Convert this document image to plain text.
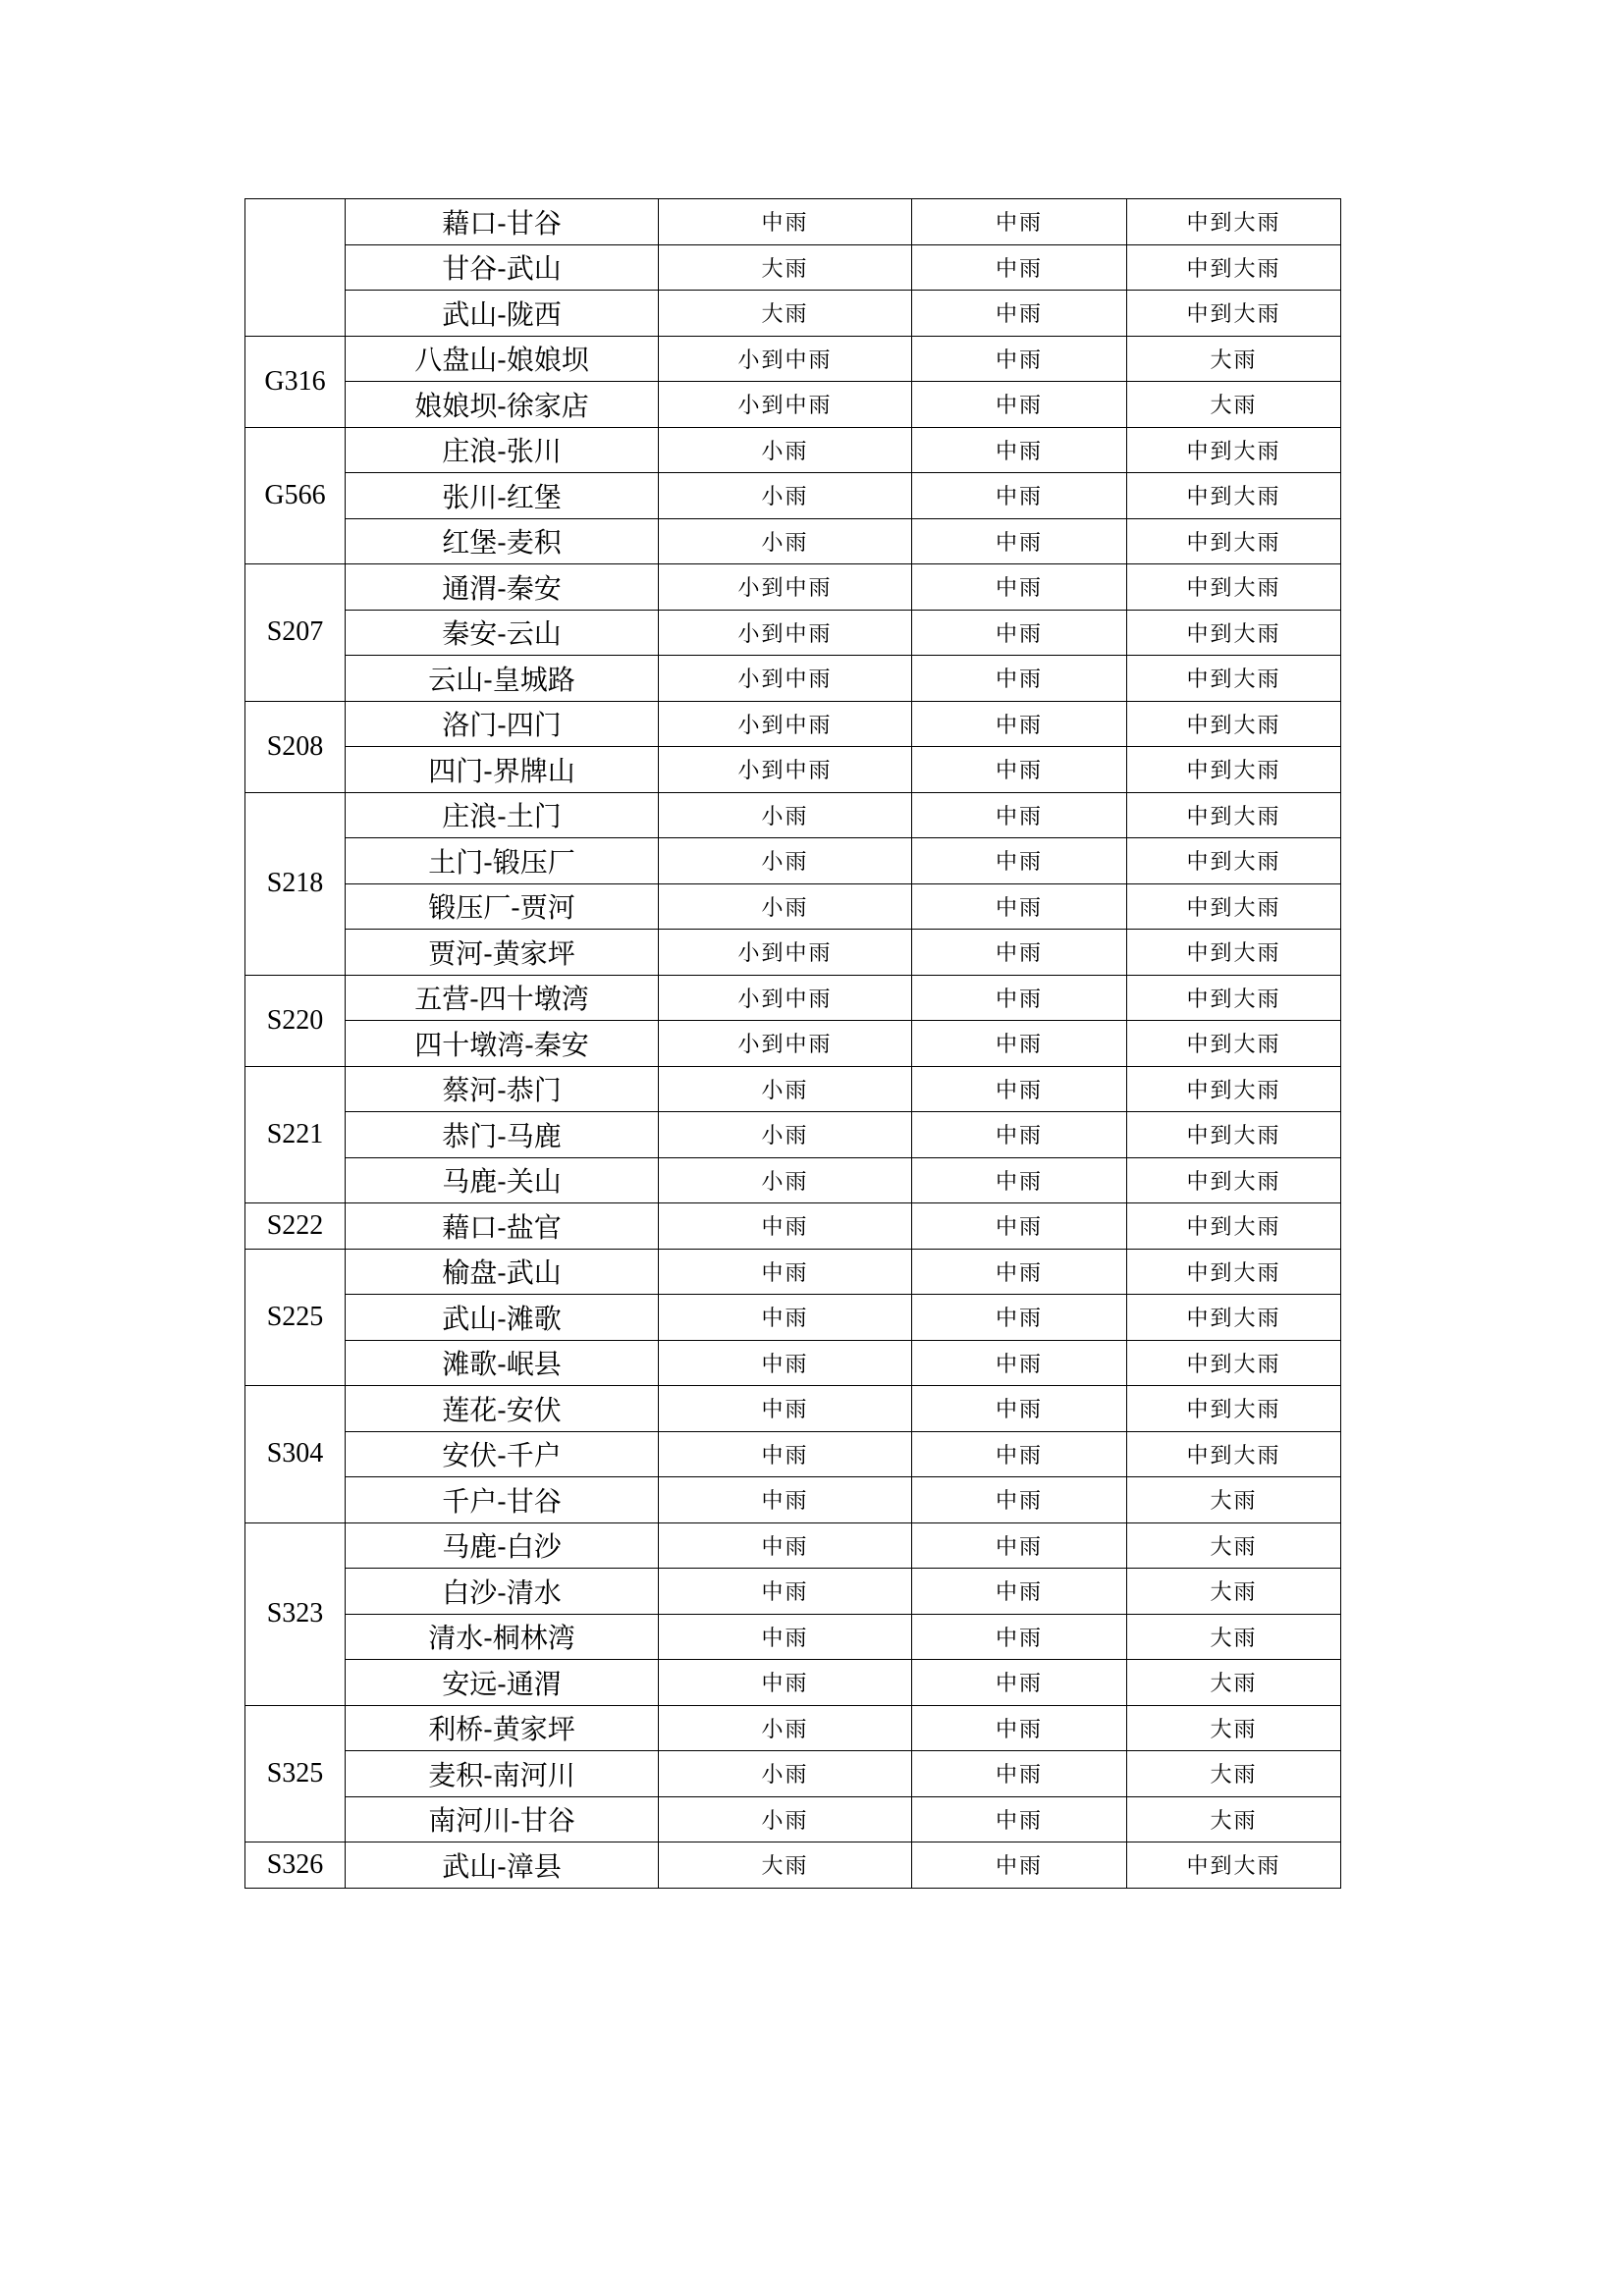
	藉口-甘谷	中雨	中雨	中到大雨
	甘谷-武山	大雨	中雨	中到大雨
	武山-陇西	大雨	中雨	中到大雨
G316	八盘山-娘娘坝	小到中雨	中雨	大雨
	娘娘坝-徐家店	小到中雨	中雨	大雨
G566	庄浪-张川	小雨	中雨	中到大雨
	张川-红堡	小雨	中雨	中到大雨
	红堡-麦积	小雨	中雨	中到大雨
S207	通渭-秦安	小到中雨	中雨	中到大雨
	秦安-云山	小到中雨	中雨	中到大雨
	云山-皇城路	小到中雨	中雨	中到大雨
S208	洛门-四门	小到中雨	中雨	中到大雨
	四门-界牌山	小到中雨	中雨	中到大雨
S218	庄浪-土门	小雨	中雨	中到大雨
	土门-锻压厂	小雨	中雨	中到大雨
	锻压厂-贾河	小雨	中雨	中到大雨
	贾河-黄家坪	小到中雨	中雨	中到大雨
S220	五营-四十墩湾	小到中雨	中雨	中到大雨
	四十墩湾-秦安	小到中雨	中雨	中到大雨
S221	蔡河-恭门	小雨	中雨	中到大雨
	恭门-马鹿	小雨	中雨	中到大雨
	马鹿-关山	小雨	中雨	中到大雨
S222	藉口-盐官	中雨	中雨	中到大雨
S225	榆盘-武山	中雨	中雨	中到大雨
	武山-滩歌	中雨	中雨	中到大雨
	滩歌-岷县	中雨	中雨	中到大雨
S304	莲花-安伏	中雨	中雨	中到大雨
	安伏-千户	中雨	中雨	中到大雨
	千户-甘谷	中雨	中雨	大雨
S323	马鹿-白沙	中雨	中雨	大雨
	白沙-清水	中雨	中雨	大雨
	清水-桐林湾	中雨	中雨	大雨
	安远-通渭	中雨	中雨	大雨
S325	利桥-黄家坪	小雨	中雨	大雨
	麦积-南河川	小雨	中雨	大雨
	南河川-甘谷	小雨	中雨	大雨
S326	武山-漳县	大雨	中雨	中到大雨
